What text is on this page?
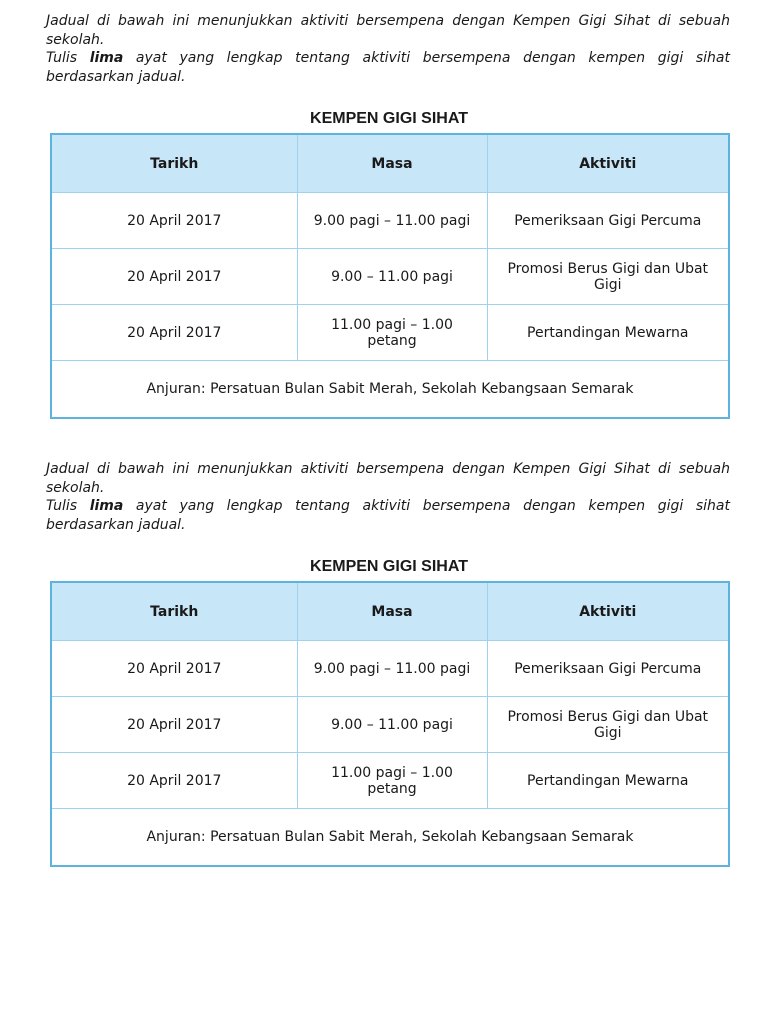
Jadual di bawah ini menunjukkan aktiviti bersempena dengan Kempen Gigi Sihat di sebuah sekolah.

Tulis lima ayat yang lengkap tentang aktiviti bersempena dengan kempen gigi sihat berdasarkan jadual.

KEMPEN GIGI SIHAT
Tarikh	Masa	Aktiviti
20 April 2017	9.00 pagi – 11.00 pagi	Pemeriksaan Gigi Percuma
20 April 2017	9.00 – 11.00 pagi	Promosi Berus Gigi dan Ubat Gigi
20 April 2017	11.00 pagi – 1.00 petang	Pertandingan Mewarna
Anjuran: Persatuan Bulan Sabit Merah, Sekolah Kebangsaan Semarak		

Jadual di bawah ini menunjukkan aktiviti bersempena dengan Kempen Gigi Sihat di sebuah sekolah.

Tulis lima ayat yang lengkap tentang aktiviti bersempena dengan kempen gigi sihat berdasarkan jadual.

KEMPEN GIGI SIHAT
Tarikh	Masa	Aktiviti
20 April 2017	9.00 pagi – 11.00 pagi	Pemeriksaan Gigi Percuma
20 April 2017	9.00 – 11.00 pagi	Promosi Berus Gigi dan Ubat Gigi
20 April 2017	11.00 pagi – 1.00 petang	Pertandingan Mewarna
Anjuran: Persatuan Bulan Sabit Merah, Sekolah Kebangsaan Semarak		
